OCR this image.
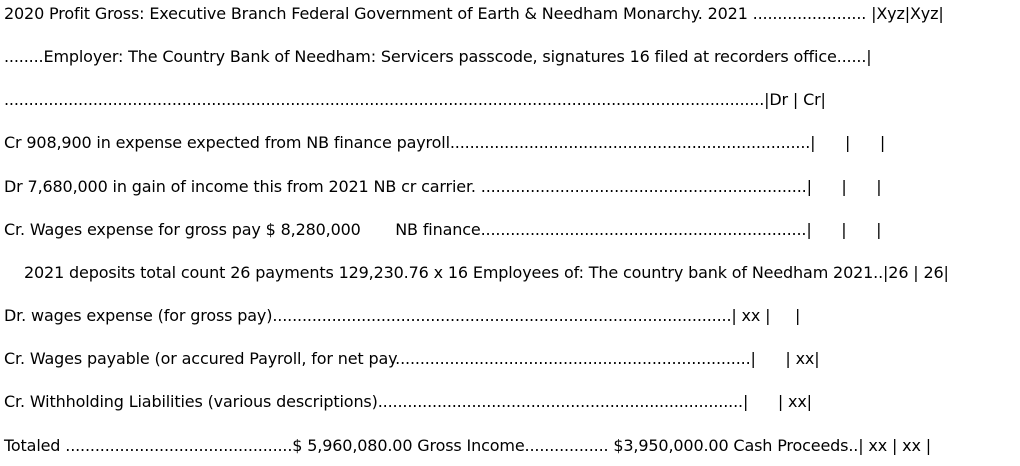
2020 Profit Gross: Executive Branch Federal Government of Earth & Needham Monarchy. 2021 ....................... |Xyz|Xyz|
........Employer: The Country Bank of Needham: Servicers passcode, signatures 16 filed at recorders office......|
..........................................................................................................................................................|Dr | Cr|
Cr 908,900 in expense expected from NB finance payroll.........................................................................|      |      |
Dr 7,680,000 in gain of income this from 2021 NB cr carrier. ..................................................................|      |      |
Cr. Wages expense for gross pay $ 8,280,000       NB finance..................................................................|      |      |
2021 deposits total count 26 payments 129,230.76 x 16 Employees of: The country bank of Needham 2021..|26 | 26|
Dr. wages expense (for gross pay).............................................................................................| xx |     |
Cr. Wages payable (or accured Payroll, for net pay........................................................................|      | xx|
Cr. Withholding Liabilities (various descriptions)..........................................................................|      | xx|
Totaled ..............................................$ 5,960,080.00 Gross Income................. $3,950,000.00 Cash Proceeds..| xx | xx |
